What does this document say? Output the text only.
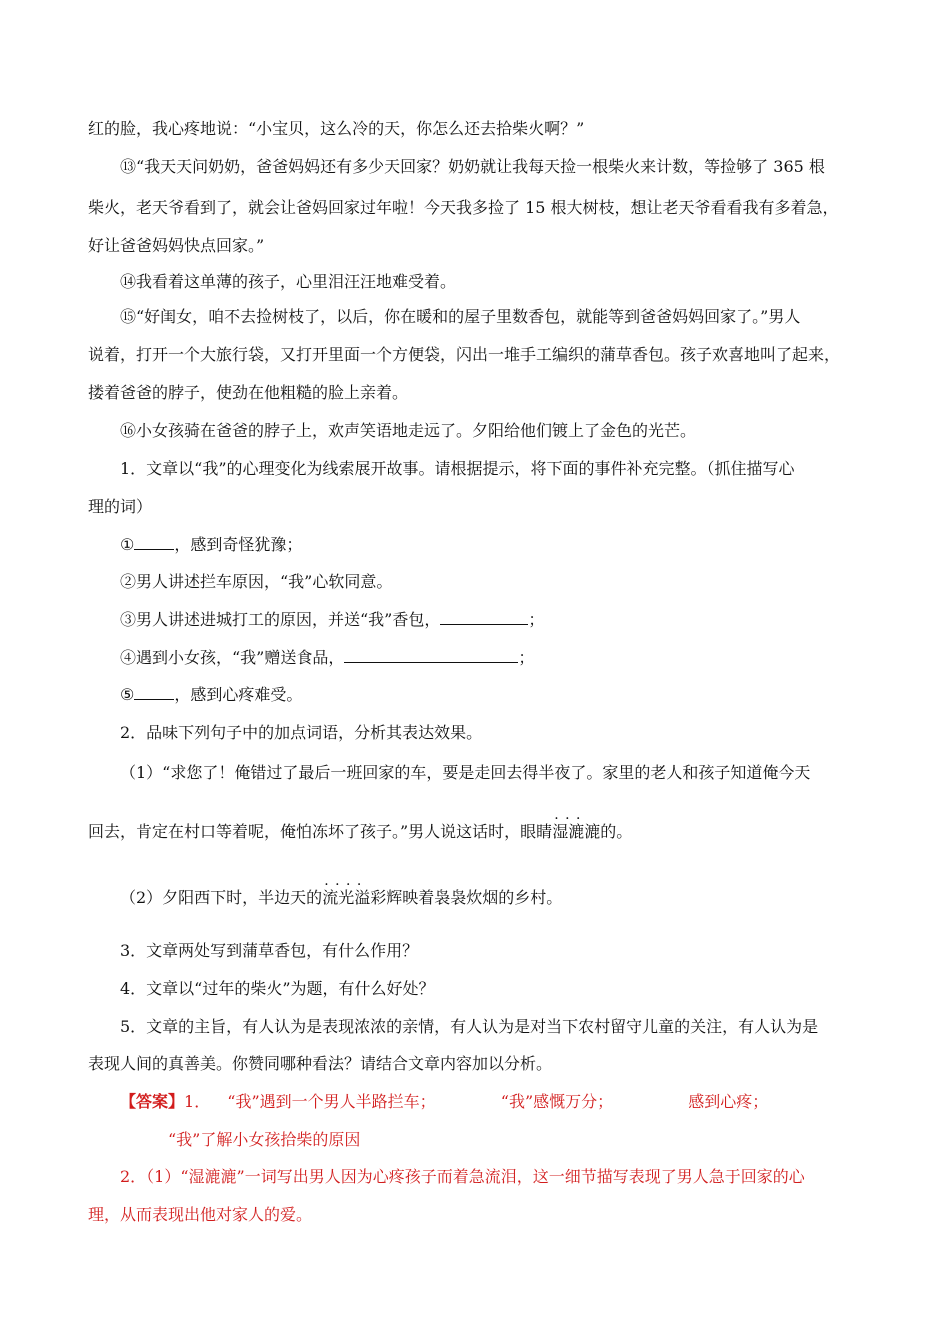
红的脸，我心疼地说：“小宝贝，这么冷的天，你怎么还去拾柴火啊？”
⑬“我天天问奶奶，爸爸妈妈还有多少天回家？奶奶就让我每天捡一根柴火来计数，等捡够了 365 根
柴火，老天爷看到了，就会让爸妈回家过年啦！今天我多捡了 15 根大树枝，想让老天爷看看我有多着急，
好让爸爸妈妈快点回家。”
⑭我看着这单薄的孩子，心里泪汪汪地难受着。
⑮“好闺女，咱不去捡树枝了，以后，你在暖和的屋子里数香包，就能等到爸爸妈妈回家了。”男人
说着，打开一个大旅行袋，又打开里面一个方便袋，闪出一堆手工编织的蒲草香包。孩子欢喜地叫了起来，
搂着爸爸的脖子，使劲在他粗糙的脸上亲着。
⑯小女孩骑在爸爸的脖子上，欢声笑语地走远了。夕阳给他们镀上了金色的光芒。
1．文章以“我”的心理变化为线索展开故事。请根据提示，将下面的事件补充完整。（抓住描写心
理的词）
①	，感到奇怪犹豫；
②男人讲述拦车原因，“我”心软同意。
③男人讲述进城打工的原因，并送“我”香包，	；
④遇到小女孩，“我”赠送食品，	；
⑤	，感到心疼难受。
2．品味下列句子中的加点词语，分析其表达效果。
（1）“求您了！俺错过了最后一班回家的车，要是走回去得半夜了。家里的老人和孩子知道俺今天
回去，肯定在村口等着呢，俺怕冻坏了孩子。”男人说这话时，眼睛· · · 湿漉漉的。
（2）夕阳西下时，半边天的· · · · 流光溢彩辉映着袅袅炊烟的乡村。
3．文章两处写到蒲草香包，有什么作用？
4．文章以“过年的柴火”为题，有什么好处？
5．文章的主旨，有人认为是表现浓浓的亲情，有人认为是对当下农村留守儿童的关注，有人认为是
表现人间的真善美。你赞同哪种看法？请结合文章内容加以分析。
【答案】1． “我”遇到一个男人半路拦车；	“我”感慨万分；	感到心疼；
“我”了解小女孩拾柴的原因
2．（1）“湿漉漉”一词写出男人因为心疼孩子而着急流泪，这一细节描写表现了男人急于回家的心
理，从而表现出他对家人的爱。
